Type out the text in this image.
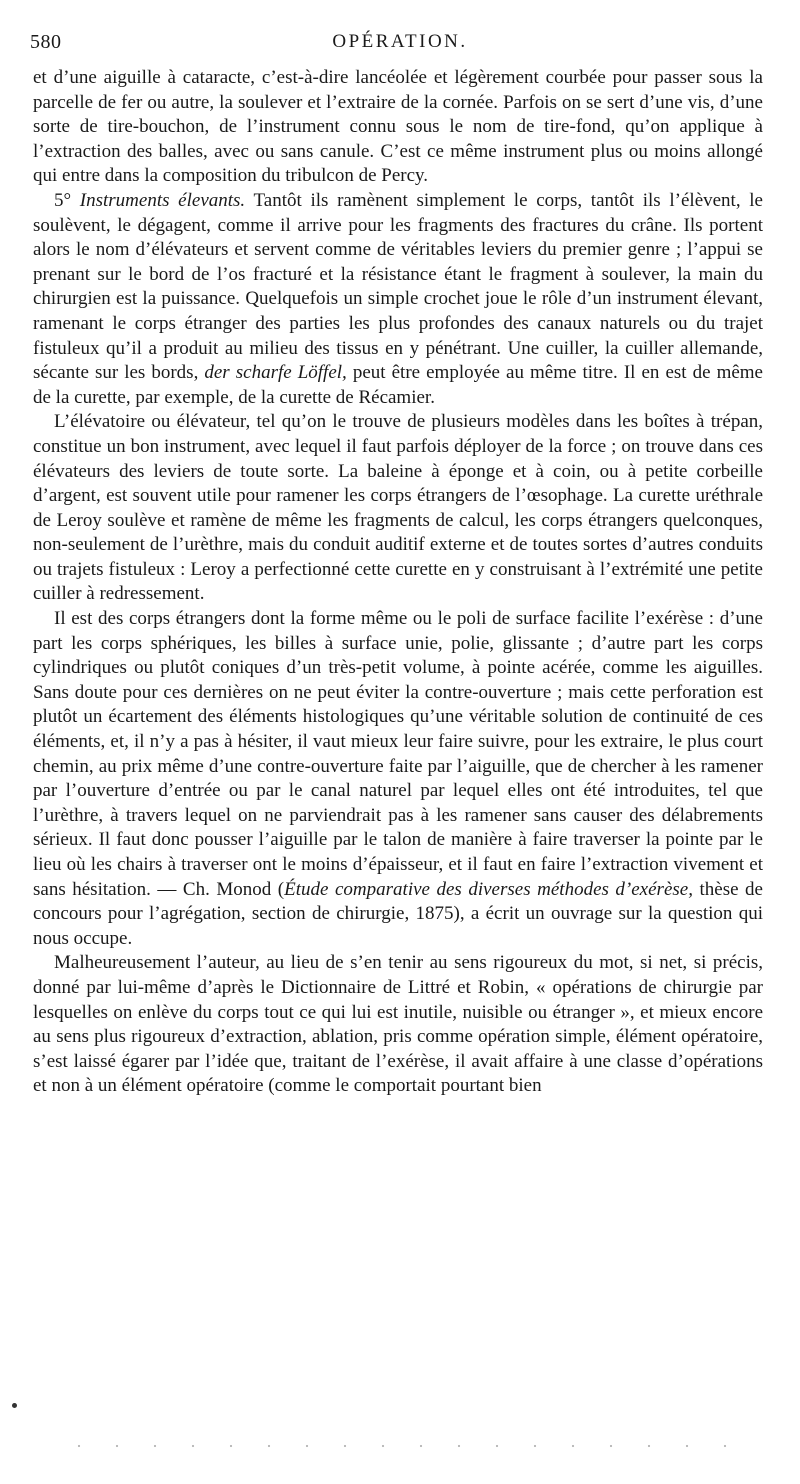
580	OPÉRATION.

et d’une aiguille à cataracte, c’est-à-dire lancéolée et légèrement courbée pour passer sous la parcelle de fer ou autre, la soulever et l’extraire de la cornée. Parfois on se sert d’une vis, d’une sorte de tire-bouchon, de l’instrument connu sous le nom de tire-fond, qu’on applique à l’extraction des balles, avec ou sans canule. C’est ce même instrument plus ou moins allongé qui entre dans la composition du tribulcon de Percy.

5° Instruments élevants. Tantôt ils ramènent simplement le corps, tantôt ils l’élèvent, le soulèvent, le dégagent, comme il arrive pour les fragments des fractures du crâne. Ils portent alors le nom d’élévateurs et servent comme de véritables leviers du premier genre ; l’appui se prenant sur le bord de l’os fracturé et la résistance étant le fragment à soulever, la main du chirurgien est la puissance. Quelquefois un simple crochet joue le rôle d’un instrument élevant, ramenant le corps étranger des parties les plus profondes des canaux naturels ou du trajet fistuleux qu’il a produit au milieu des tissus en y pénétrant. Une cuiller, la cuiller allemande, sécante sur les bords, der scharfe Löffel, peut être employée au même titre. Il en est de même de la curette, par exemple, de la curette de Récamier.

L’élévatoire ou élévateur, tel qu’on le trouve de plusieurs modèles dans les boîtes à trépan, constitue un bon instrument, avec lequel il faut parfois déployer de la force ; on trouve dans ces élévateurs des leviers de toute sorte. La baleine à éponge et à coin, ou à petite corbeille d’argent, est souvent utile pour ramener les corps étrangers de l’œsophage. La curette uréthrale de Leroy soulève et ramène de même les fragments de calcul, les corps étrangers quelconques, non-seulement de l’urèthre, mais du conduit auditif externe et de toutes sortes d’autres conduits ou trajets fistuleux : Leroy a perfectionné cette curette en y construisant à l’extrémité une petite cuiller à redressement.

Il est des corps étrangers dont la forme même ou le poli de surface facilite l’exérèse : d’une part les corps sphériques, les billes à surface unie, polie, glissante ; d’autre part les corps cylindriques ou plutôt coniques d’un très-petit volume, à pointe acérée, comme les aiguilles. Sans doute pour ces dernières on ne peut éviter la contre-ouverture ; mais cette perforation est plutôt un écartement des éléments histologiques qu’une véritable solution de continuité de ces éléments, et, il n’y a pas à hésiter, il vaut mieux leur faire suivre, pour les extraire, le plus court chemin, au prix même d’une contre-ouverture faite par l’aiguille, que de chercher à les ramener par l’ouverture d’entrée ou par le canal naturel par lequel elles ont été introduites, tel que l’urèthre, à travers lequel on ne parviendrait pas à les ramener sans causer des délabrements sérieux. Il faut donc pousser l’aiguille par le talon de manière à faire traverser la pointe par le lieu où les chairs à traverser ont le moins d’épaisseur, et il faut en faire l’extraction vivement et sans hésitation. — Ch. Monod (Étude comparative des diverses méthodes d’exérèse, thèse de concours pour l’agrégation, section de chirurgie, 1875), a écrit un ouvrage sur la question qui nous occupe.

Malheureusement l’auteur, au lieu de s’en tenir au sens rigoureux du mot, si net, si précis, donné par lui-même d’après le Dictionnaire de Littré et Robin, « opérations de chirurgie par lesquelles on enlève du corps tout ce qui lui est inutile, nuisible ou étranger », et mieux encore au sens plus rigoureux d’extraction, ablation, pris comme opération simple, élément opératoire, s’est laissé égarer par l’idée que, traitant de l’exérèse, il avait affaire à une classe d’opérations et non à un élément opératoire (comme le comportait pourtant bien
